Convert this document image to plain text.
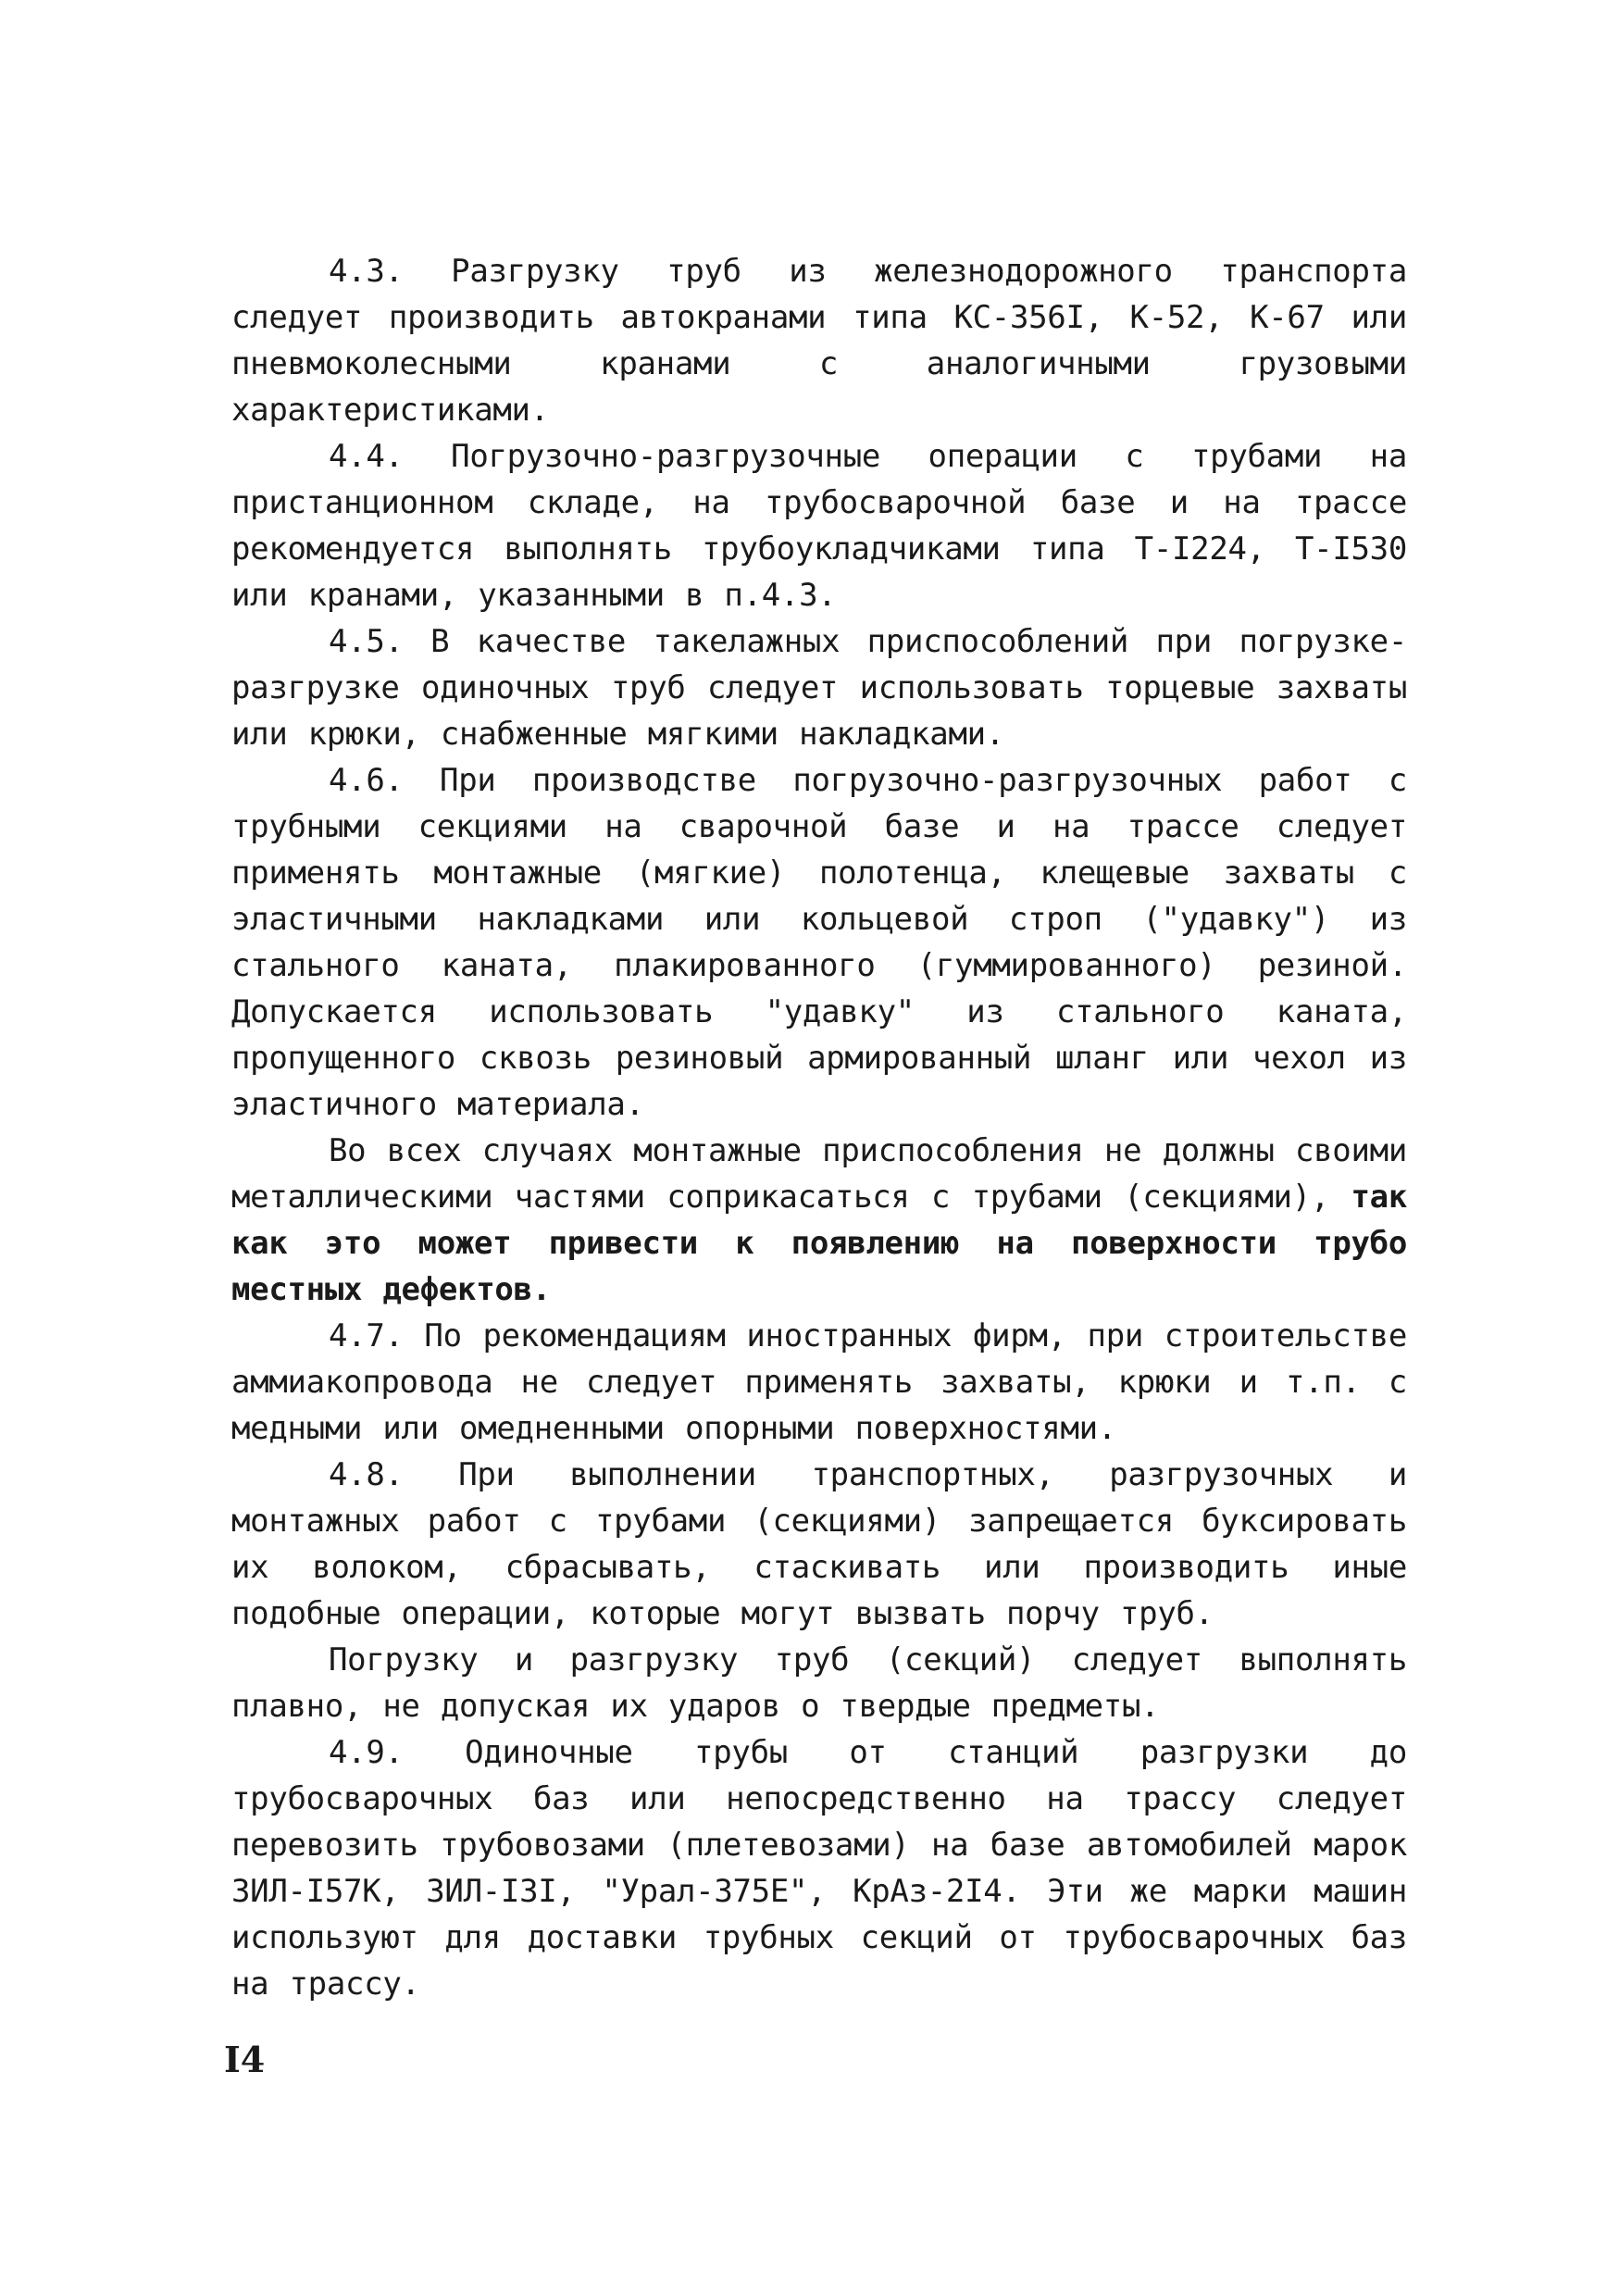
4.3. Разгрузку труб из железнодорожного транспорта следует производить автокранами типа КС-356I, К-52, К-67 или пневмоколесными кранами с аналогичными грузовыми характеристиками.

4.4. Погрузочно-разгрузочные операции с трубами на пристанционном складе, на трубосварочной базе и на трассе рекомендуется выполнять трубоукладчиками типа Т-I224, Т-I530 или кранами, указанными в п.4.3.

4.5. В качестве такелажных приспособлений при погрузке-разгрузке одиночных труб следует использовать торцевые захваты или крюки, снабженные мягкими накладками.

4.6. При производстве погрузочно-разгрузочных работ с трубными секциями на сварочной базе и на трассе следует применять монтажные (мягкие) полотенца, клещевые захваты с эластичными накладками или кольцевой строп ("удавку") из стального каната, плакированного (гуммированного) резиной. Допускается использовать "удавку" из стального каната, пропущенного сквозь резиновый армированный шланг или чехол из эластичного материала.

Во всех случаях монтажные приспособления не должны своими металлическими частями соприкасаться с трубами (секциями), так как это может привести к появлению на поверхности трубо местных дефектов.

4.7. По рекомендациям иностранных фирм, при строительстве аммиакопровода не следует применять захваты, крюки и т.п. с медными или омедненными опорными поверхностями.

4.8. При выполнении транспортных, разгрузочных и монтажных работ с трубами (секциями) запрещается буксировать их волоком, сбрасывать, стаскивать или производить иные подобные операции, которые могут вызвать порчу труб.

Погрузку и разгрузку труб (секций) следует выполнять плавно, не допуская их ударов о твердые предметы.

4.9. Одиночные трубы от станций разгрузки до трубосварочных баз или непосредственно на трассу следует перевозить трубовозами (плетевозами) на базе автомобилей марок ЗИЛ-I57К, ЗИЛ-I3I, "Урал-375Е", КрАз-2I4. Эти же марки машин используют для доставки трубных секций от трубосварочных баз на трассу.

I4
